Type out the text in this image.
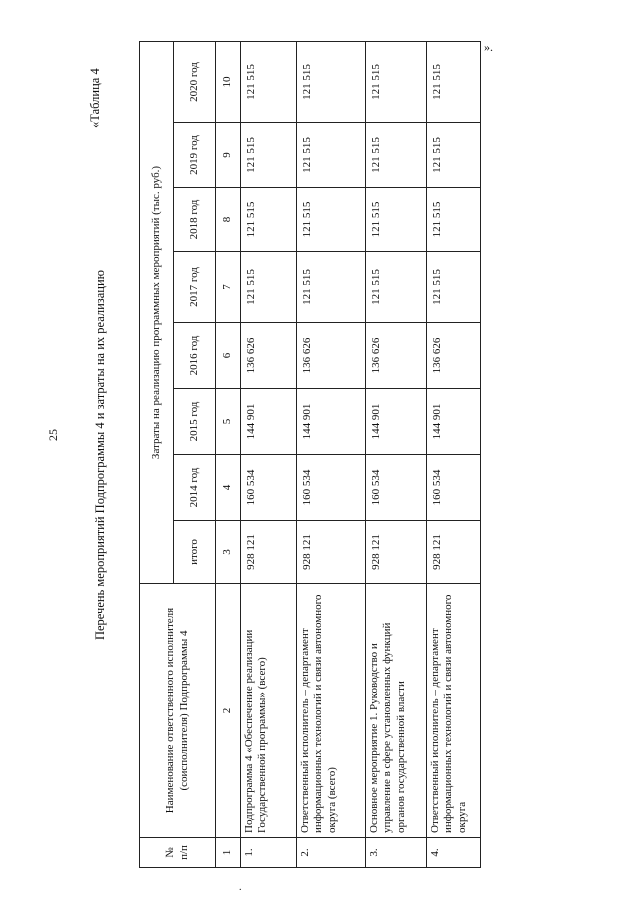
25
».
.
«Таблица 4
Перечень мероприятий Подпрограммы 4 и затраты на их реализацию
№ п/п	Наименование ответственного исполнителя (соисполнителя) Подпрограммы 4	Затраты на реализацию программных мероприятий (тыс. руб.)							
		итого	2014 год	2015 год	2016 год	2017 год	2018 год	2019 год	2020 год
1	2	3	4	5	6	7	8	9	10
1.	Подпрограмма 4 «Обеспечение реализации Государственной программы» (всего)	928 121	160 534	144 901	136 626	121 515	121 515	121 515	121 515
2.	Ответственный исполнитель – департамент информационных технологий и связи автономного округа (всего)	928 121	160 534	144 901	136 626	121 515	121 515	121 515	121 515
3.	Основное мероприятие 1. Руководство и управление в сфере установленных функций органов государственной власти	928 121	160 534	144 901	136 626	121 515	121 515	121 515	121 515
4.	Ответственный исполнитель – департамент информационных технологий и связи автономного округа	928 121	160 534	144 901	136 626	121 515	121 515	121 515	121 515
